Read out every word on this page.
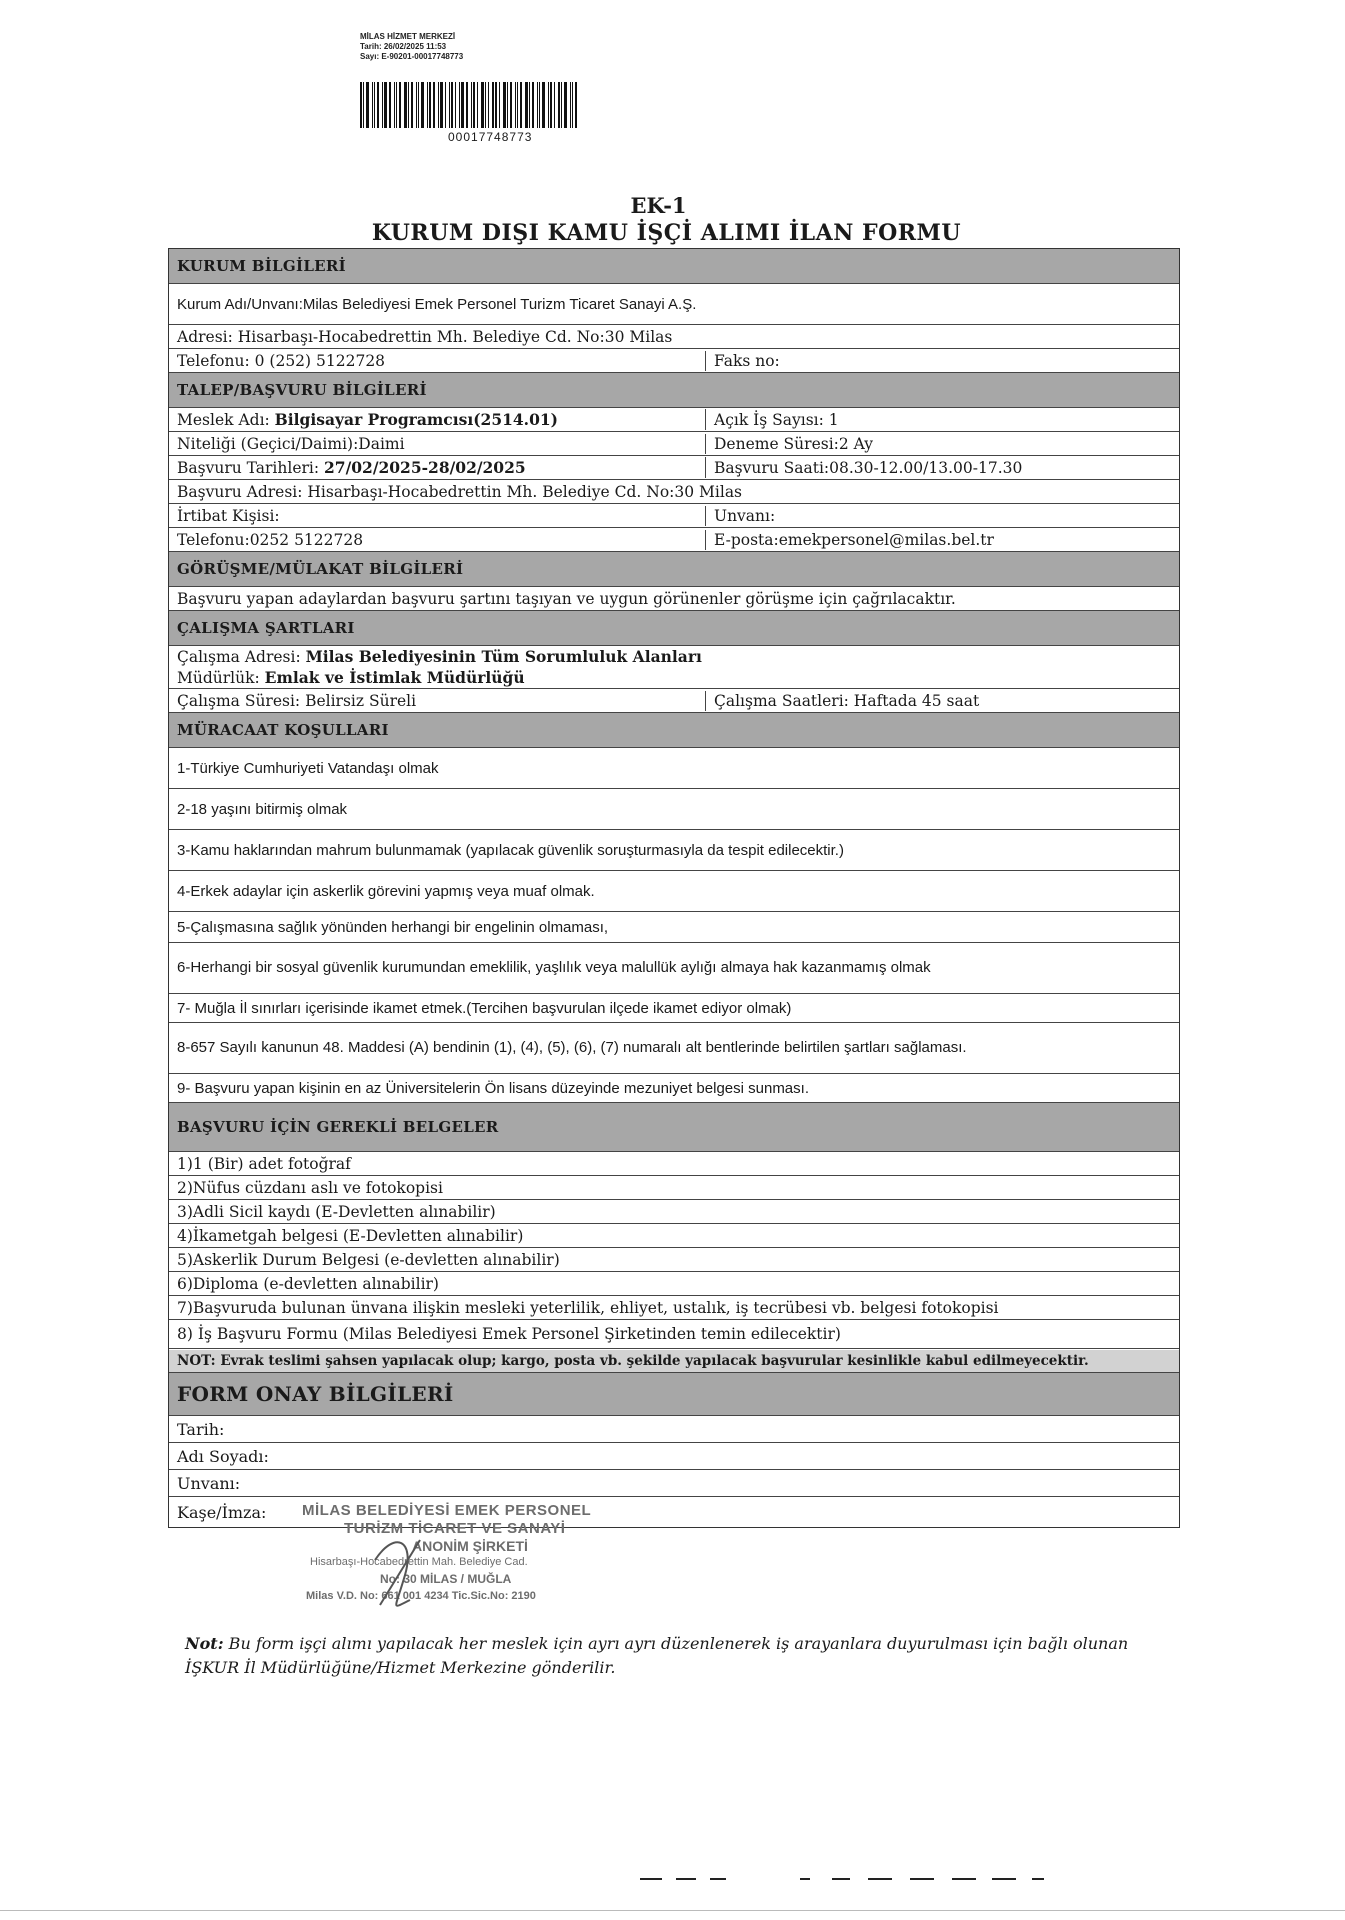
MİLAS HİZMET MERKEZİ
Tarih: 26/02/2025 11:53
Sayı: E-90201-00017748773
00017748773
EK-1
KURUM DIŞI KAMU İŞÇİ ALIMI İLAN FORMU
KURUM BİLGİLERİ
Kurum Adı/Unvanı:Milas Belediyesi Emek Personel Turizm Ticaret Sanayi A.Ş.
Adresi: Hisarbaşı-Hocabedrettin Mh. Belediye Cd. No:30 Milas
Telefonu: 0 (252) 5122728	Faks no:
TALEP/BAŞVURU BİLGİLERİ
Meslek Adı: Bilgisayar Programcısı(2514.01)	Açık İş Sayısı: 1
Niteliği (Geçici/Daimi):Daimi	Deneme Süresi:2 Ay
Başvuru Tarihleri: 27/02/2025-28/02/2025	Başvuru Saati:08.30-12.00/13.00-17.30
Başvuru Adresi: Hisarbaşı-Hocabedrettin Mh. Belediye Cd. No:30 Milas
İrtibat Kişisi:	Unvanı:
Telefonu:0252 5122728	E-posta:emekpersonel@milas.bel.tr
GÖRÜŞME/MÜLAKAT BİLGİLERİ
Başvuru yapan adaylardan başvuru şartını taşıyan ve uygun görünenler görüşme için çağrılacaktır.
ÇALIŞMA ŞARTLARI
Çalışma Adresi: Milas Belediyesinin Tüm Sorumluluk Alanları
Müdürlük: Emlak ve İstimlak Müdürlüğü
Çalışma Süresi: Belirsiz Süreli	Çalışma Saatleri: Haftada 45 saat
MÜRACAAT KOŞULLARI
1-Türkiye Cumhuriyeti Vatandaşı olmak
2-18 yaşını bitirmiş olmak
3-Kamu haklarından mahrum bulunmamak (yapılacak güvenlik soruşturmasıyla da tespit edilecektir.)
4-Erkek adaylar için askerlik görevini yapmış veya muaf olmak.
5-Çalışmasına sağlık yönünden herhangi bir engelinin olmaması,
6-Herhangi bir sosyal güvenlik kurumundan emeklilik, yaşlılık veya malullük aylığı almaya hak kazanmamış olmak
7- Muğla İl sınırları içerisinde ikamet etmek.(Tercihen başvurulan ilçede ikamet ediyor olmak)
8-657 Sayılı kanunun 48. Maddesi (A) bendinin (1), (4), (5), (6), (7) numaralı alt bentlerinde belirtilen şartları sağlaması.
9- Başvuru yapan kişinin en az Üniversitelerin Ön lisans düzeyinde mezuniyet belgesi sunması.
BAŞVURU İÇİN GEREKLİ BELGELER
1)1 (Bir) adet fotoğraf
2)Nüfus cüzdanı aslı ve fotokopisi
3)Adli Sicil kaydı (E-Devletten alınabilir)
4)İkametgah belgesi (E-Devletten alınabilir)
5)Askerlik Durum Belgesi (e-devletten alınabilir)
6)Diploma (e-devletten alınabilir)
7)Başvuruda bulunan ünvana ilişkin mesleki yeterlilik, ehliyet, ustalık, iş tecrübesi vb. belgesi fotokopisi
8) İş Başvuru Formu (Milas Belediyesi Emek Personel Şirketinden temin edilecektir)
NOT: Evrak teslimi şahsen yapılacak olup; kargo, posta vb. şekilde yapılacak başvurular kesinlikle kabul edilmeyecektir.
FORM ONAY BİLGİLERİ
Tarih:
Adı Soyadı:
Unvanı:
Kaşe/İmza:	MİLAS BELEDİYESİ EMEK PERSONEL
TURİZM TİCARET VE SANAYİ
ANONİM ŞİRKETİ
Hisarbaşı-Hocabedrettin Mah. Belediye Cad.
No: 30 MİLAS / MUĞLA
Milas V.D. No: 661 001 4234 Tic.Sic.No: 2190
Not: Bu form işçi alımı yapılacak her meslek için ayrı ayrı düzenlenerek iş arayanlara duyurulması için bağlı olunan İŞKUR İl Müdürlüğüne/Hizmet Merkezine gönderilir.
